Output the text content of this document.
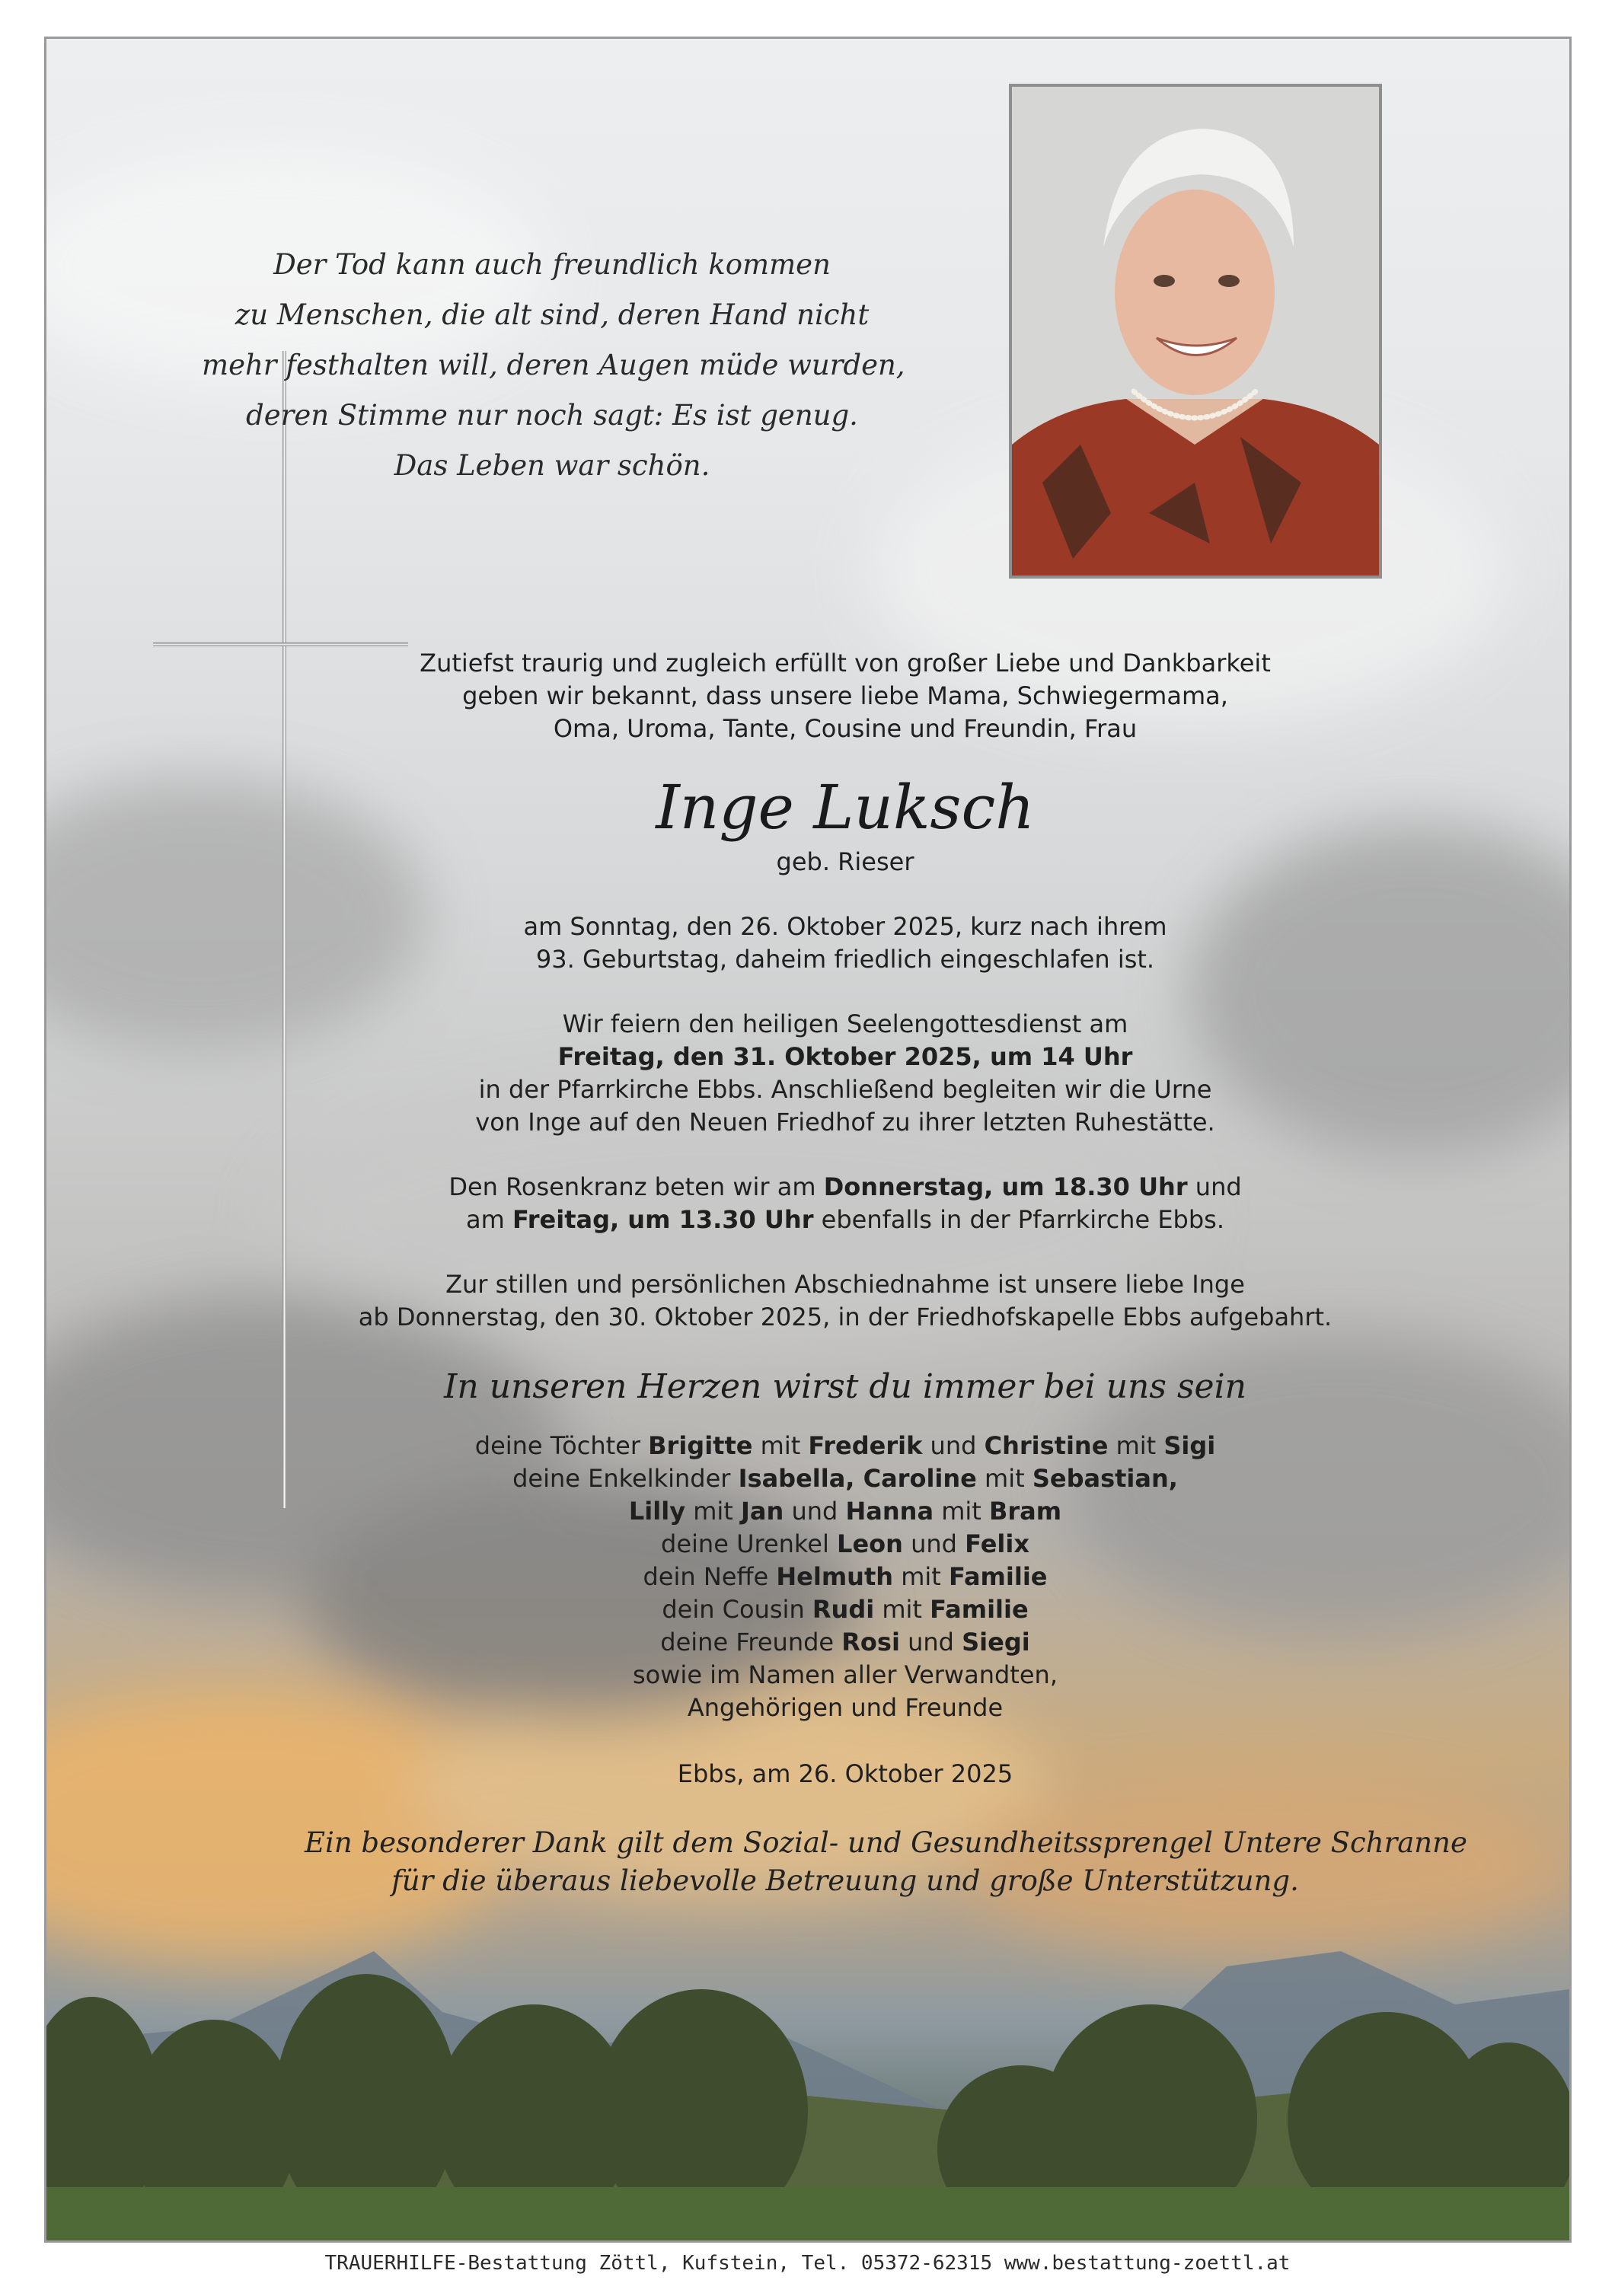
Der Tod kann auch freundlich kommen
zu Menschen, die alt sind, deren Hand nicht
mehr festhalten will, deren Augen müde wurden,
deren Stimme nur noch sagt: Es ist genug.
Das Leben war schön.

Zutiefst traurig und zugleich erfüllt von großer Liebe und Dankbarkeit
geben wir bekannt, dass unsere liebe Mama, Schwiegermama,
Oma, Uroma, Tante, Cousine und Freundin, Frau

Inge Luksch

geb. Rieser

am Sonntag, den 26. Oktober 2025, kurz nach ihrem
93. Geburtstag, daheim friedlich eingeschlafen ist.

Wir feiern den heiligen Seelengottesdienst am
Freitag, den 31. Oktober 2025, um 14 Uhr
in der Pfarrkirche Ebbs. Anschließend begleiten wir die Urne
von Inge auf den Neuen Friedhof zu ihrer letzten Ruhestätte.

Den Rosenkranz beten wir am Donnerstag, um 18.30 Uhr und
am Freitag, um 13.30 Uhr ebenfalls in der Pfarrkirche Ebbs.

Zur stillen und persönlichen Abschiednahme ist unsere liebe Inge
ab Donnerstag, den 30. Oktober 2025, in der Friedhofskapelle Ebbs aufgebahrt.

In unseren Herzen wirst du immer bei uns sein

deine Töchter Brigitte mit Frederik und Christine mit Sigi
deine Enkelkinder Isabella, Caroline mit Sebastian,
Lilly mit Jan und Hanna mit Bram
deine Urenkel Leon und Felix
dein Neffe Helmuth mit Familie
dein Cousin Rudi mit Familie
deine Freunde Rosi und Siegi
sowie im Namen aller Verwandten,
Angehörigen und Freunde

Ebbs, am 26. Oktober 2025

Ein besonderer Dank gilt dem Sozial- und Gesundheitssprengel Untere Schranne
für die überaus liebevolle Betreuung und große Unterstützung.
TRAUERHILFE-Bestattung Zöttl, Kufstein, Tel. 05372-62315 www.bestattung-zoettl.at
